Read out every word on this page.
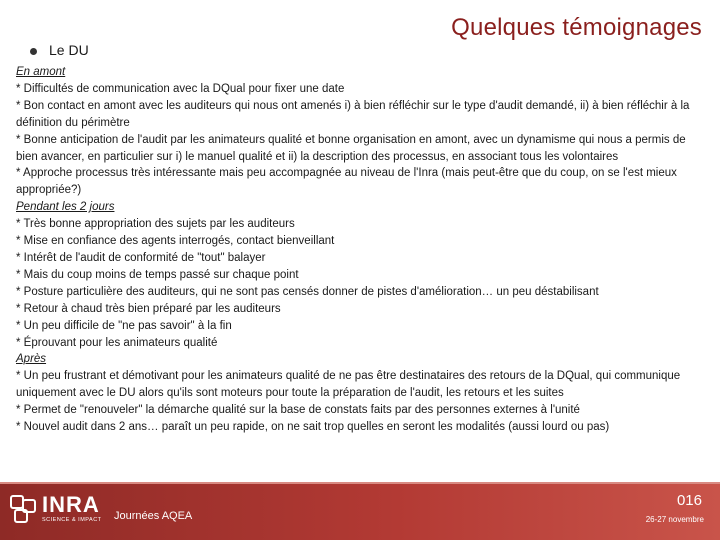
Quelques témoignages
Le DU

En amont

* Difficultés de communication avec la DQual pour fixer une date

* Bon contact en amont avec les auditeurs qui nous ont amenés i) à bien réfléchir sur le type d'audit demandé, ii) à bien réfléchir à la définition du périmètre

* Bonne anticipation de l'audit par les animateurs qualité et bonne organisation en amont, avec un dynamisme qui nous a permis de bien avancer, en particulier sur i) le manuel qualité et ii) la description des processus, en associant tous les volontaires

* Approche processus très intéressante mais peu accompagnée au niveau de l'Inra (mais peut-être que du coup, on se l'est mieux appropriée?)

Pendant les 2 jours

* Très bonne appropriation des sujets par les auditeurs

* Mise en confiance des agents interrogés, contact bienveillant

* Intérêt de l'audit de conformité de "tout" balayer

* Mais du coup moins de temps passé sur chaque point

* Posture particulière des auditeurs, qui ne sont pas censés donner de pistes d'amélioration… un peu déstabilisant

* Retour à chaud très bien préparé par les auditeurs

* Un peu difficile de "ne pas savoir" à la fin

* Éprouvant pour les animateurs qualité

Après

* Un peu frustrant et démotivant pour les animateurs qualité de ne pas être destinataires des retours de la DQual, qui communique uniquement avec le DU alors qu'ils sont moteurs pour toute la préparation de l'audit, les retours et les suites

* Permet de "renouveler" la démarche qualité sur la base de constats faits par des personnes externes à l'unité

* Nouvel audit dans 2 ans… paraît un peu rapide, on ne sait trop quelles en seront les modalités (aussi lourd ou pas)

INRA
SCIENCE & IMPACT Journées AQEA
016
26-27 novembre
